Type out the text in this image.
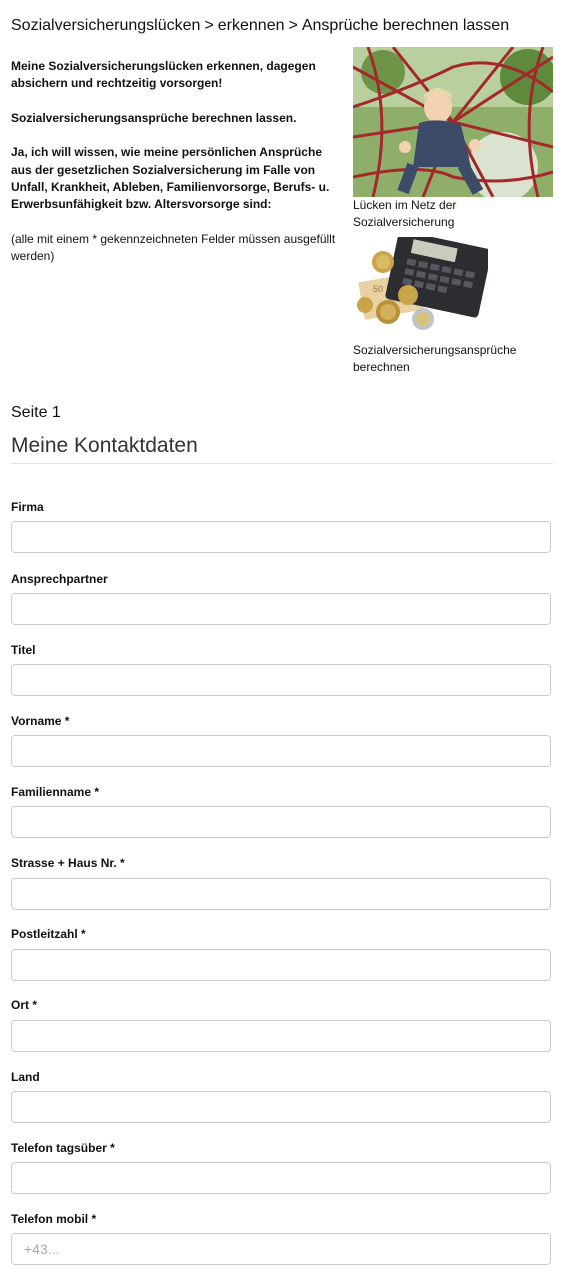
Sozialversicherungslücken > erkennen > Ansprüche berechnen lassen

Meine Sozialversicherungslücken erkennen, dagegen absichern und rechtzeitig vorsorgen!

Sozialversicherungsansprüche berechnen lassen.

Ja, ich will wissen, wie meine persönlichen Ansprüche aus der gesetzlichen Sozialversicherung im Falle von Unfall, Krankheit, Ableben, Familienvorsorge, Berufs- u. Erwerbsunfähigkeit bzw. Altersvorsorge sind:

(alle mit einem * gekennzeichneten Felder müssen ausgefüllt werden)

Lücken im Netz der Sozialversicherung
50
Sozialversicherungsansprüche berechnen
Seite 1
Meine Kontaktdaten
Firma
Ansprechpartner
Titel
Vorname *
Familienname *
Strasse + Haus Nr. *
Postleitzahl *
Ort *
Land
Telefon tagsüber *
Telefon mobil *
+43...
